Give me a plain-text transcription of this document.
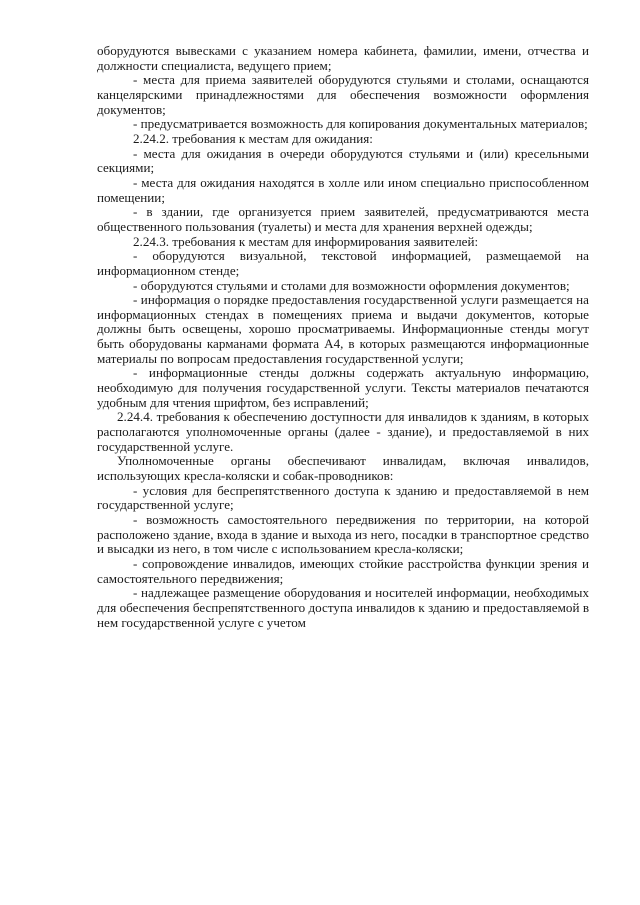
оборудуются вывесками с указанием номера кабинета, фамилии, имени, отчества и должности специалиста, ведущего прием;

- места для приема заявителей оборудуются стульями и столами, оснащаются канцелярскими принадлежностями для обеспечения возможности оформления документов;

- предусматривается возможность для копирования документальных материалов;

2.24.2. требования к местам для ожидания:

- места для ожидания в очереди оборудуются стульями и (или) кресельными секциями;

- места для ожидания находятся в холле или ином специально приспособленном помещении;

- в здании, где организуется прием заявителей, предусматриваются места общественного пользования (туалеты) и места для хранения верхней одежды;

2.24.3. требования к местам для информирования заявителей:

- оборудуются визуальной, текстовой информацией, размещаемой на информационном стенде;

- оборудуются стульями и столами для возможности оформления документов;

- информация о порядке предоставления государственной услуги размещается на информационных стендах в помещениях приема и выдачи документов, которые должны быть освещены, хорошо просматриваемы. Информационные стенды могут быть оборудованы карманами формата А4, в которых размещаются информационные материалы по вопросам предоставления государственной услуги;

- информационные стенды должны содержать актуальную информацию, необходимую для получения государственной услуги. Тексты материалов печатаются удобным для чтения шрифтом, без исправлений;

2.24.4. требования к обеспечению доступности для инвалидов к зданиям, в которых располагаются уполномоченные органы (далее - здание), и предоставляемой в них государственной услуге.

Уполномоченные органы обеспечивают инвалидам, включая инвалидов, использующих кресла-коляски и собак-проводников:

- условия для беспрепятственного доступа к зданию и предоставляемой в нем государственной услуге;

- возможность самостоятельного передвижения по территории, на которой расположено здание, входа в здание и выхода из него, посадки в транспортное средство и высадки из него, в том числе с использованием кресла-коляски;

- сопровождение инвалидов, имеющих стойкие расстройства функции зрения и самостоятельного передвижения;

- надлежащее размещение оборудования и носителей информации, необходимых для обеспечения беспрепятственного доступа инвалидов к зданию и предоставляемой в нем государственной услуге с учетом
